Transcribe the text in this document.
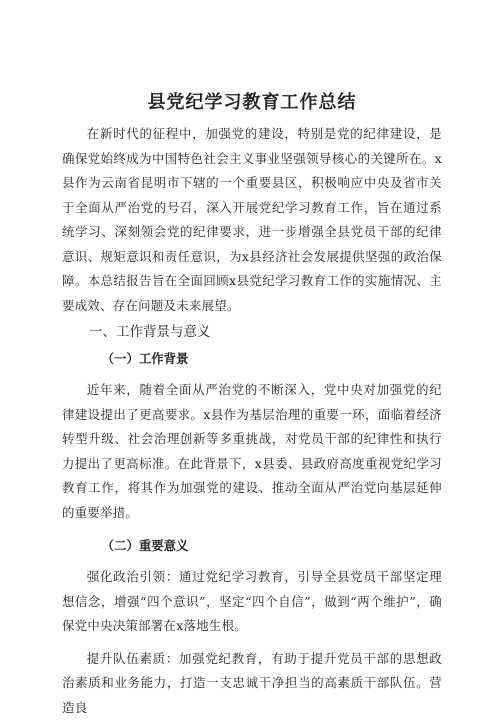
县党纪学习教育工作总结

在新时代的征程中，加强党的建设，特别是党的纪律建设，是确保党始终成为中国特色社会主义事业坚强领导核心的关键所在。x县作为云南省昆明市下辖的一个重要县区，积极响应中央及省市关于全面从严治党的号召，深入开展党纪学习教育工作，旨在通过系统学习、深刻领会党的纪律要求，进一步增强全县党员干部的纪律意识、规矩意识和责任意识，为x县经济社会发展提供坚强的政治保障。本总结报告旨在全面回顾x县党纪学习教育工作的实施情况、主要成效、存在问题及未来展望。

一、工作背景与意义
（一）工作背景

近年来，随着全面从严治党的不断深入，党中央对加强党的纪律建设提出了更高要求。x县作为基层治理的重要一环，面临着经济转型升级、社会治理创新等多重挑战，对党员干部的纪律性和执行力提出了更高标准。在此背景下，x县委、县政府高度重视党纪学习教育工作，将其作为加强党的建设、推动全面从严治党向基层延伸的重要举措。

（二）重要意义

强化政治引领：通过党纪学习教育，引导全县党员干部坚定理想信念，增强“四个意识”，坚定“四个自信”，做到“两个维护”，确保党中央决策部署在x落地生根。

提升队伍素质：加强党纪教育，有助于提升党员干部的思想政治素质和业务能力，打造一支忠诚干净担当的高素质干部队伍。营造良
